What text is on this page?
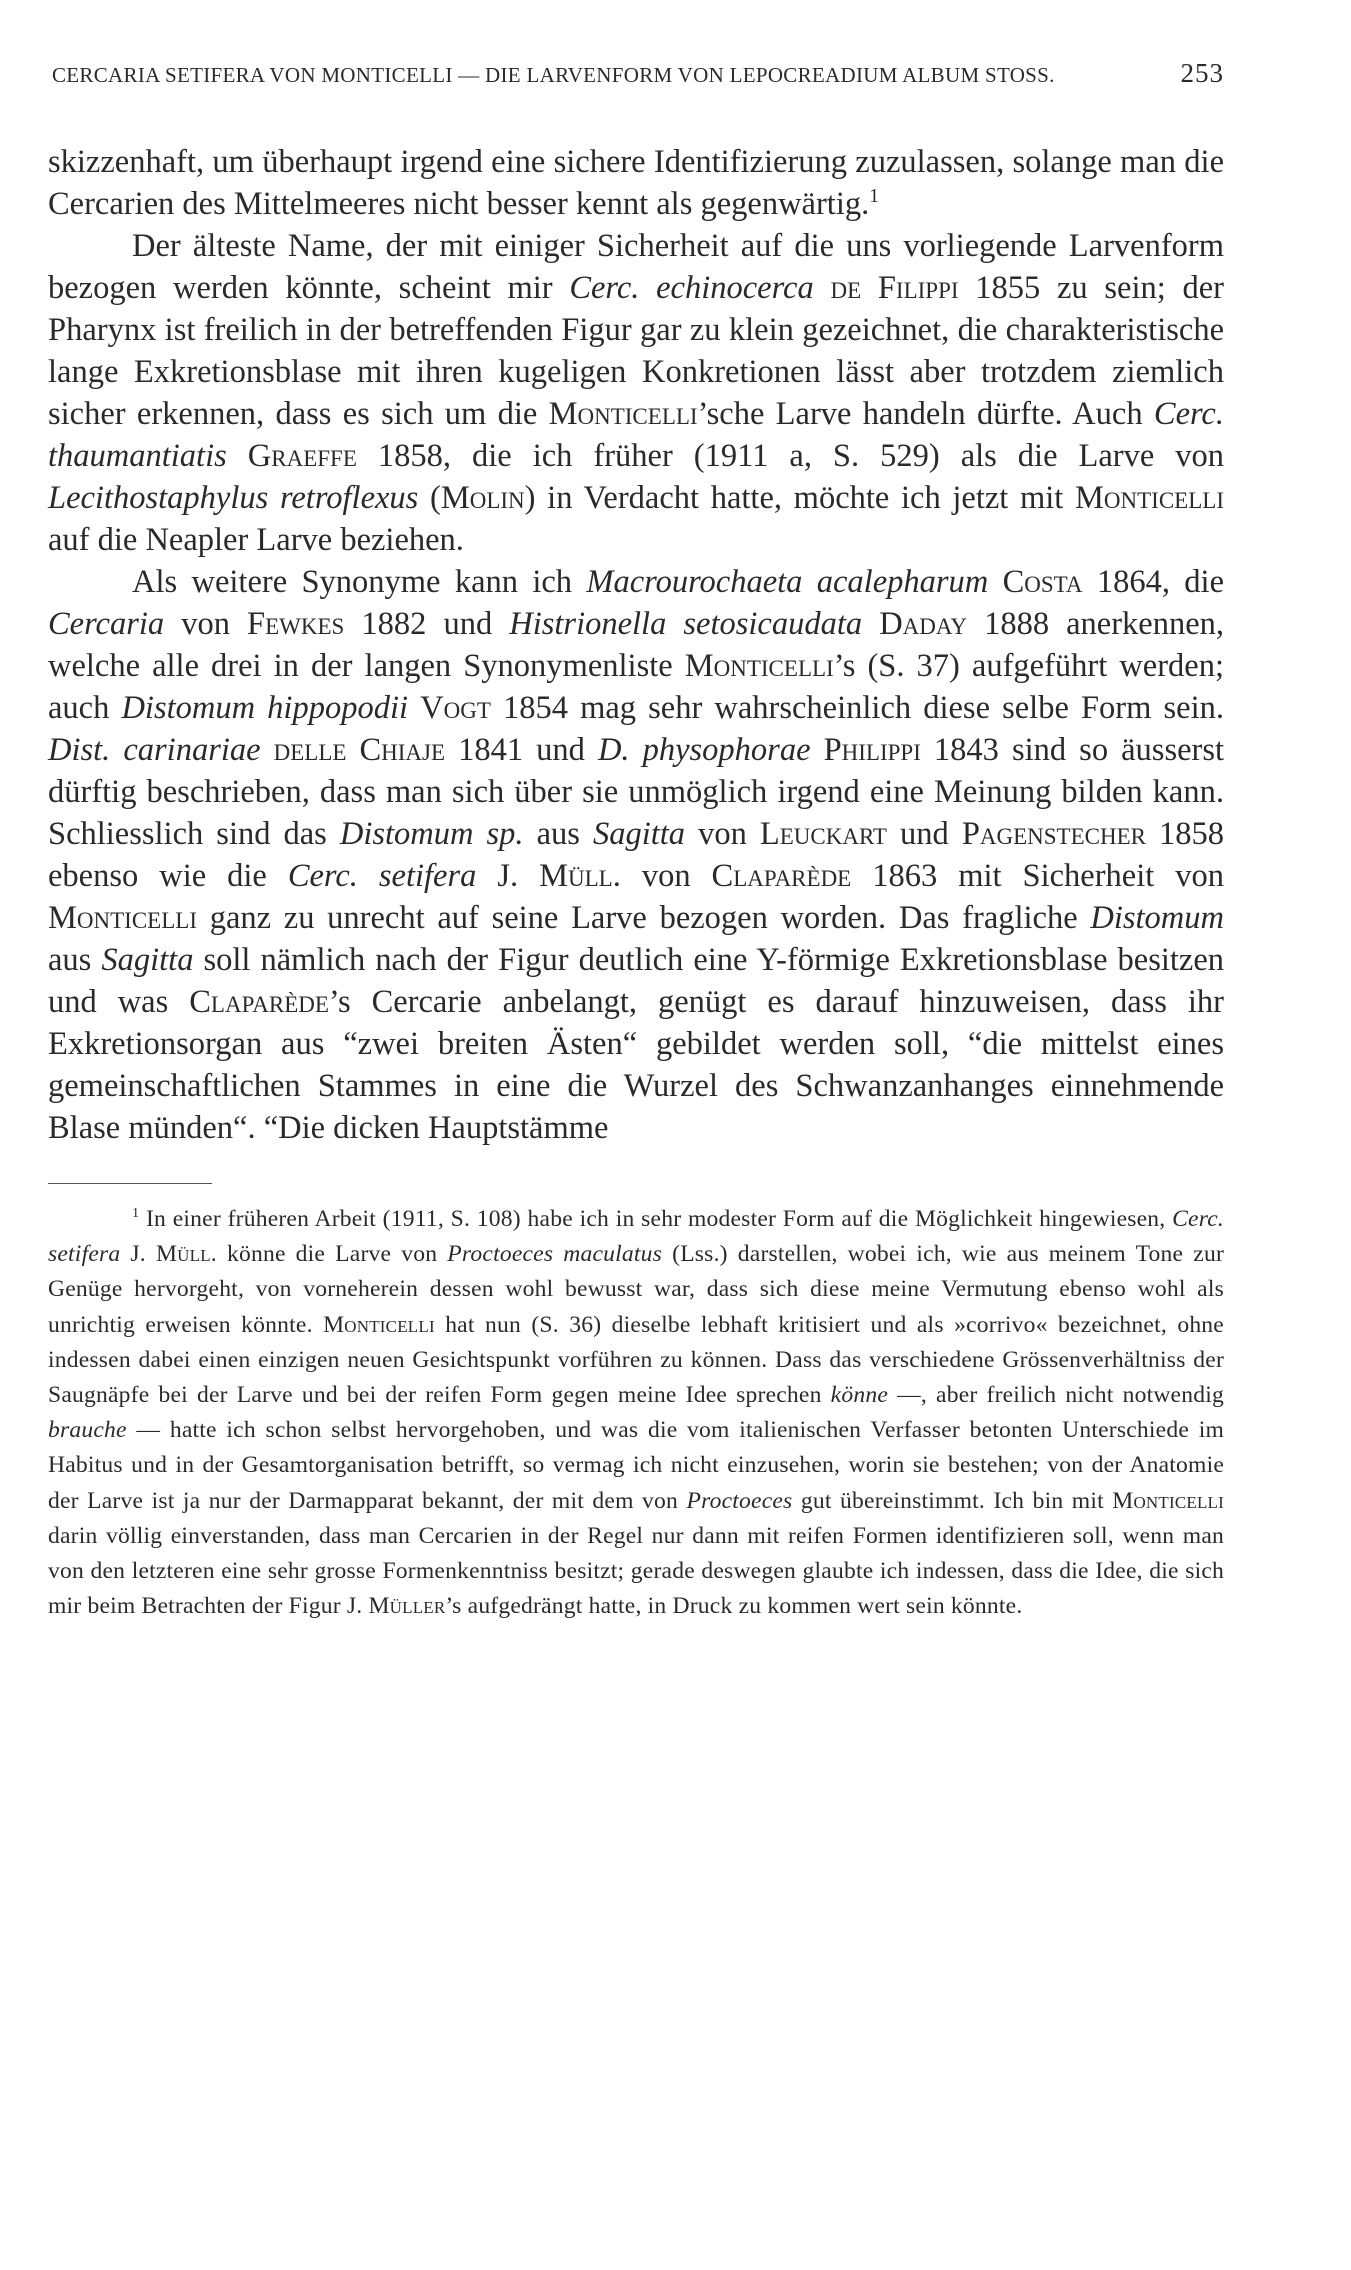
CERCARIA SETIFERA VON MONTICELLI — DIE LARVENFORM VON LEPOCREADIUM ALBUM STOSS.	253

skizzenhaft, um überhaupt irgend eine sichere Identifizierung zuzulassen, solange man die Cercarien des Mittelmeeres nicht besser kennt als gegenwärtig.$^1$

Der älteste Name, der mit einiger Sicherheit auf die uns vorliegende Larvenform bezogen werden könnte, scheint mir Cerc. echinocerca de Filippi 1855 zu sein; der Pharynx ist freilich in der betreffenden Figur gar zu klein gezeichnet, die charakteristische lange Exkretionsblase mit ihren kugeligen Konkretionen lässt aber trotzdem ziemlich sicher erkennen, dass es sich um die Monticelli’sche Larve handeln dürfte. Auch Cerc. thaumantiatis Graeffe 1858, die ich früher (1911 a, S. 529) als die Larve von Lecithostaphylus retroflexus (Molin) in Verdacht hatte, möchte ich jetzt mit Monticelli auf die Neapler Larve beziehen.

Als weitere Synonyme kann ich Macrourochaeta acalepharum Costa 1864, die Cercaria von Fewkes 1882 und Histrionella setosicaudata Daday 1888 anerkennen, welche alle drei in der langen Synonymenliste Monticelli’s (S. 37) aufgeführt werden; auch Distomum hippopodii Vogt 1854 mag sehr wahrscheinlich diese selbe Form sein. Dist. carinariae delle Chiaje 1841 und D. physophorae Philippi 1843 sind so äusserst dürftig beschrieben, dass man sich über sie unmöglich irgend eine Meinung bilden kann. Schliesslich sind das Distomum sp. aus Sagitta von Leuckart und Pagenstecher 1858 ebenso wie die Cerc. setifera J. Müll. von Claparède 1863 mit Sicherheit von Monticelli ganz zu unrecht auf seine Larve bezogen worden. Das fragliche Distomum aus Sagitta soll nämlich nach der Figur deutlich eine Y-förmige Exkretionsblase besitzen und was Claparède’s Cercarie anbelangt, genügt es darauf hinzuweisen, dass ihr Exkretionsorgan aus “zwei breiten Ästen“ gebildet werden soll, “die mittelst eines gemeinschaftlichen Stammes in eine die Wurzel des Schwanzanhanges einnehmende Blase münden“. “Die dicken Hauptstämme

$^1$ In einer früheren Arbeit (1911, S. 108) habe ich in sehr modester Form auf die Möglichkeit hingewiesen, Cerc. setifera J. Müll. könne die Larve von Proctoeces maculatus (Lss.) darstellen, wobei ich, wie aus meinem Tone zur Genüge hervorgeht, von vorneherein dessen wohl bewusst war, dass sich diese meine Vermutung ebenso wohl als unrichtig erweisen könnte. Monticelli hat nun (S. 36) dieselbe lebhaft kritisiert und als »corrivo« bezeichnet, ohne indessen dabei einen einzigen neuen Gesichtspunkt vorführen zu können. Dass das verschiedene Grössenverhältniss der Saugnäpfe bei der Larve und bei der reifen Form gegen meine Idee sprechen könne —, aber freilich nicht notwendig brauche — hatte ich schon selbst hervorgehoben, und was die vom italienischen Verfasser betonten Unterschiede im Habitus und in der Gesamtorganisation betrifft, so vermag ich nicht einzusehen, worin sie bestehen; von der Anatomie der Larve ist ja nur der Darmapparat bekannt, der mit dem von Proctoeces gut übereinstimmt. Ich bin mit Monticelli darin völlig einverstanden, dass man Cercarien in der Regel nur dann mit reifen Formen identifizieren soll, wenn man von den letzteren eine sehr grosse Formenkenntniss besitzt; gerade deswegen glaubte ich indessen, dass die Idee, die sich mir beim Betrachten der Figur J. Müller’s aufgedrängt hatte, in Druck zu kommen wert sein könnte.
